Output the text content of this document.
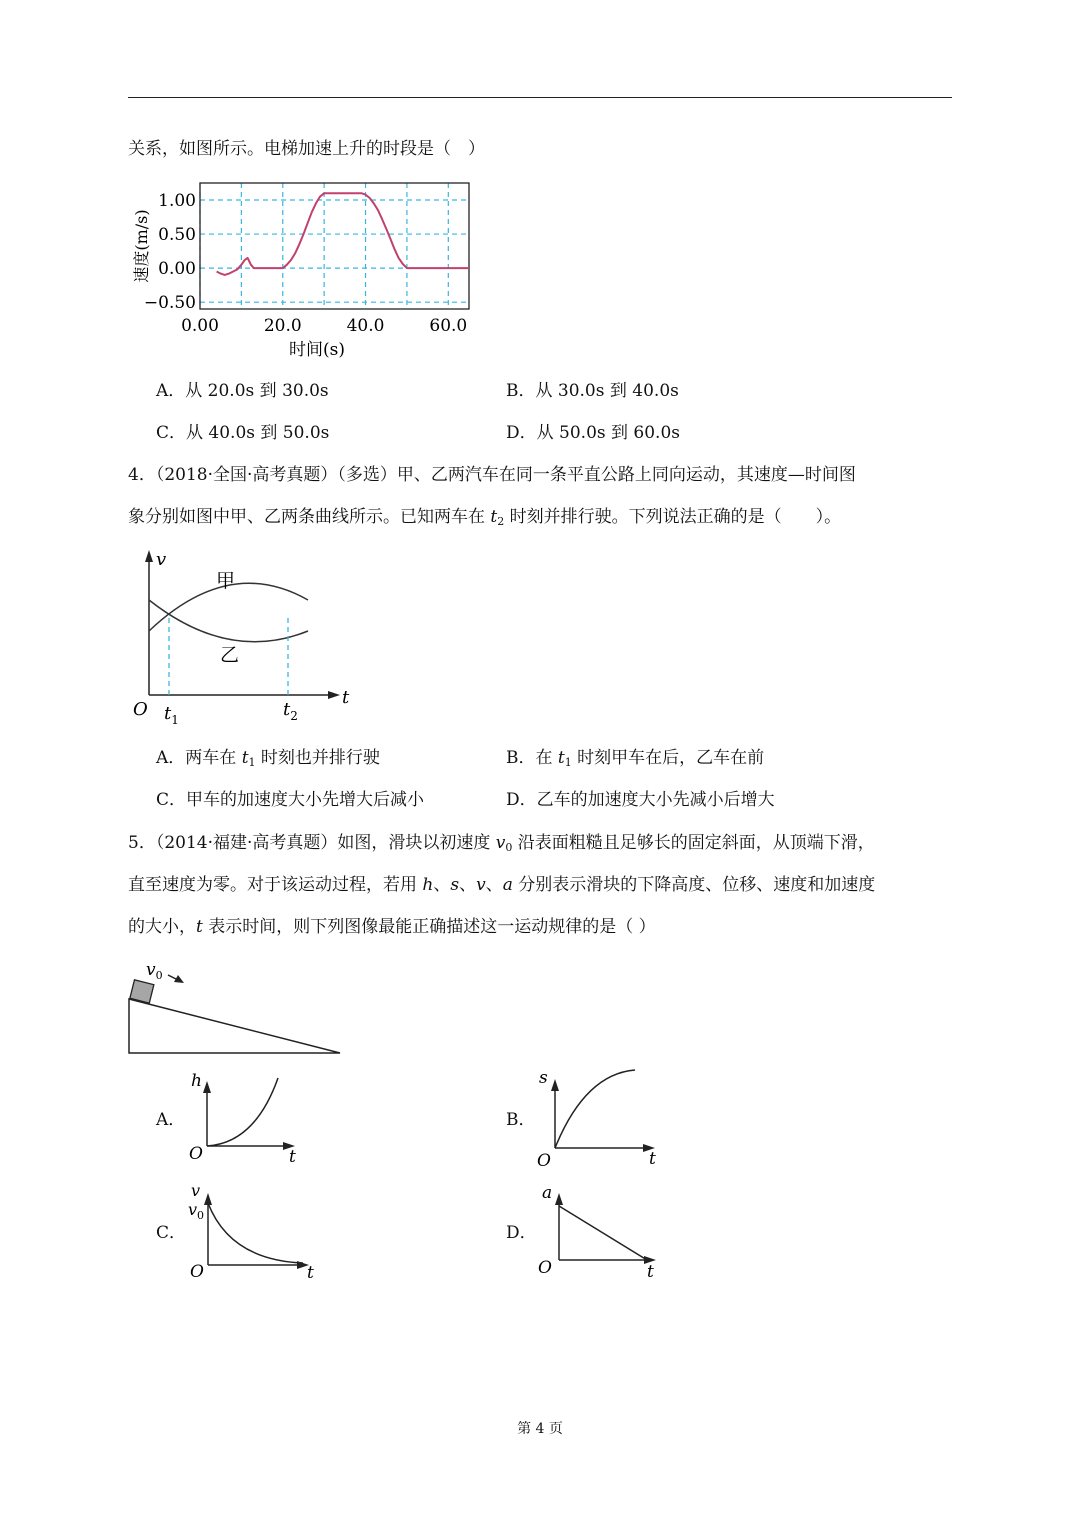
关系，如图所示。电梯加速上升的时段是（　）
1.00
0.50
0.00
−0.50
0.00	20.0	40.0	60.0
时间(s)
速度(m/s)
A．从 20.0s 到 30.0s	B．从 30.0s 到 40.0s
C．从 40.0s 到 50.0s	D．从 50.0s 到 60.0s
4．（2018·全国·高考真题）（多选）甲、乙两汽车在同一条平直公路上同向运动，其速度—时间图
象分别如图中甲、乙两条曲线所示。已知两车在 $t_2$ 时刻并排行驶。下列说法正确的是（　　）。
v
t
O
甲
乙
$t_1$	$t_2$
A．两车在 $t_1$ 时刻也并排行驶	B．在 $t_1$ 时刻甲车在后，乙车在前
C．甲车的加速度大小先增大后减小	D．乙车的加速度大小先减小后增大
5．（2014·福建·高考真题）如图，滑块以初速度 $v_0$ 沿表面粗糙且足够长的固定斜面，从顶端下滑，
直至速度为零。对于该运动过程，若用 h、s、v、a 分别表示滑块的下降高度、位移、速度和加速度
的大小，t 表示时间，则下列图像最能正确描述这一运动规律的是（ ）
$v_0$
A．
h
t
O
B．
s
t
O
C．
v
$v_0$
t
O
D．
a
t
O
第 4 页
